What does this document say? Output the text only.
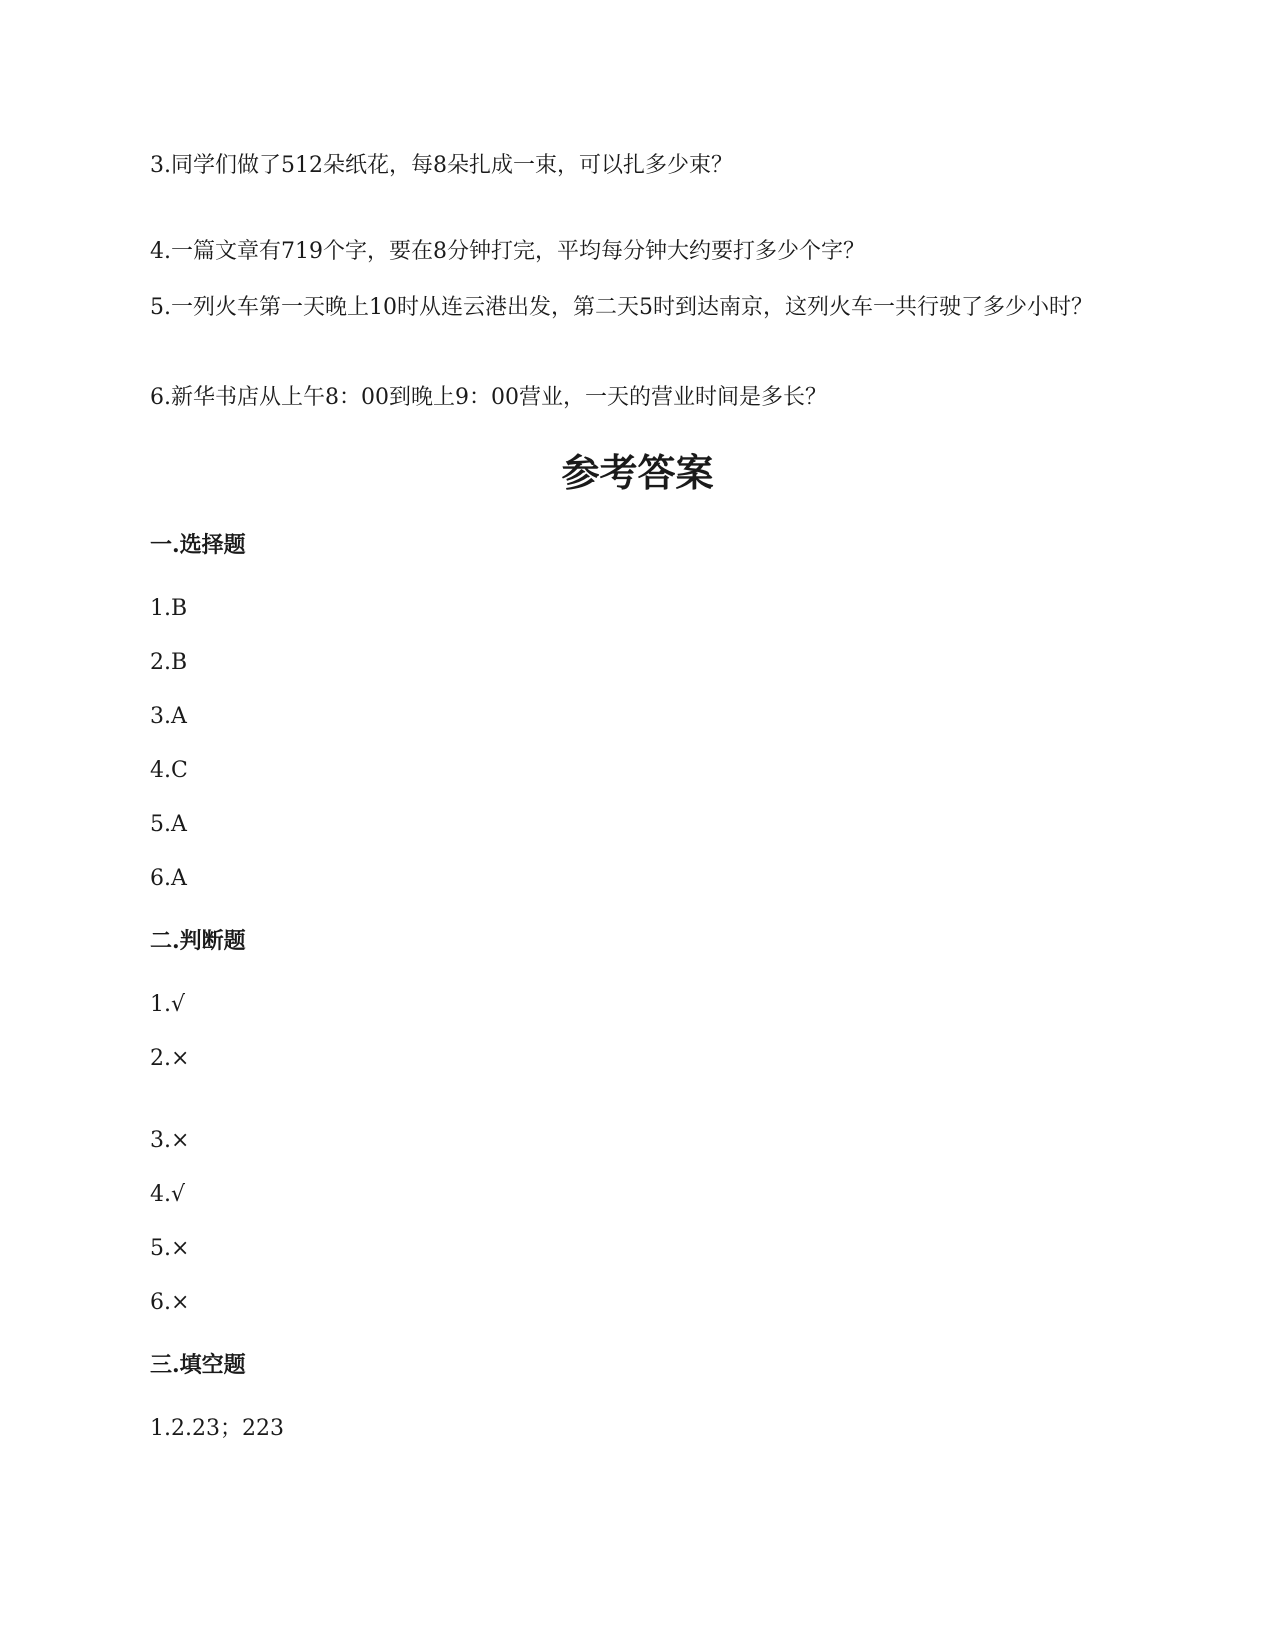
3.同学们做了512朵纸花，每8朵扎成一束，可以扎多少束？

4.一篇文章有719个字，要在8分钟打完，平均每分钟大约要打多少个字？

5.一列火车第一天晚上10时从连云港出发，第二天5时到达南京，这列火车一共行驶了多少小时？

6.新华书店从上午8：00到晚上9：00营业，一天的营业时间是多长？

参考答案
一.选择题

1.B

2.B

3.A

4.C

5.A

6.A

二.判断题

1.√

2.×

3.×

4.√

5.×

6.×

三.填空题

1.2.23；223
